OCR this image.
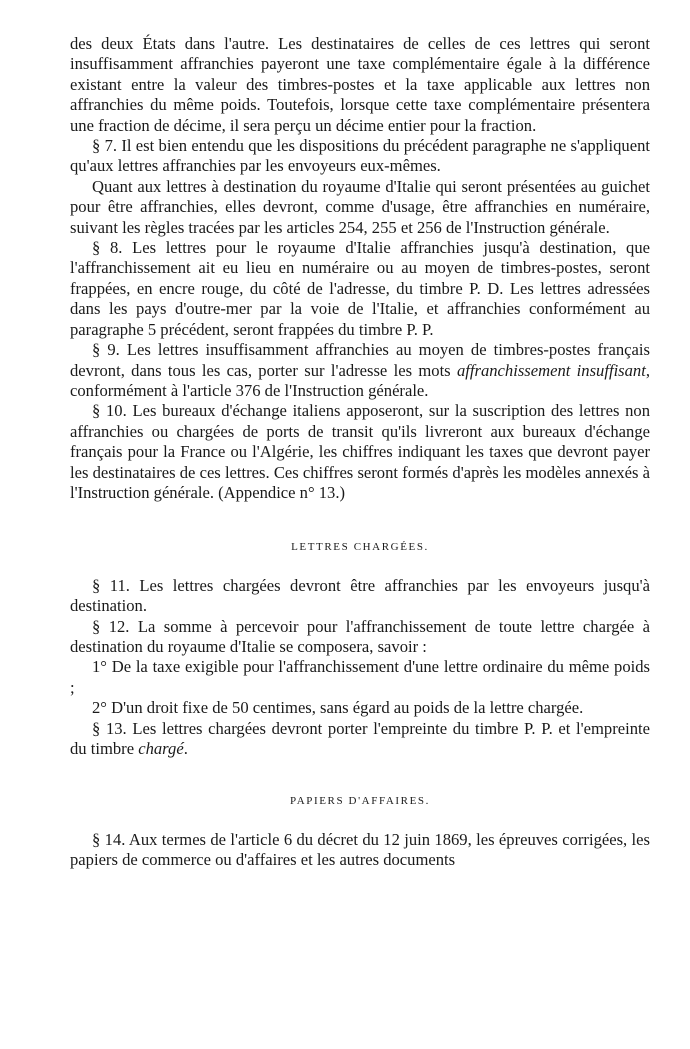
des deux États dans l'autre. Les destinataires de celles de ces lettres qui seront insuffisamment affranchies payeront une taxe complémentaire égale à la différence existant entre la valeur des timbres-postes et la taxe applicable aux lettres non affranchies du même poids. Toutefois, lorsque cette taxe complémentaire présentera une fraction de décime, il sera perçu un décime entier pour la fraction.

§ 7. Il est bien entendu que les dispositions du précédent paragraphe ne s'appliquent qu'aux lettres affranchies par les envoyeurs eux-mêmes.

Quant aux lettres à destination du royaume d'Italie qui seront présentées au guichet pour être affranchies, elles devront, comme d'usage, être affranchies en numéraire, suivant les règles tracées par les articles 254, 255 et 256 de l'Instruction générale.

§ 8. Les lettres pour le royaume d'Italie affranchies jusqu'à destination, que l'affranchissement ait eu lieu en numéraire ou au moyen de timbres-postes, seront frappées, en encre rouge, du côté de l'adresse, du timbre P. D. Les lettres adressées dans les pays d'outre-mer par la voie de l'Italie, et affranchies conformément au paragraphe 5 précédent, seront frappées du timbre P. P.

§ 9. Les lettres insuffisamment affranchies au moyen de timbres-postes français devront, dans tous les cas, porter sur l'adresse les mots affranchissement insuffisant, conformément à l'article 376 de l'Instruction générale.

§ 10. Les bureaux d'échange italiens apposeront, sur la suscription des lettres non affranchies ou chargées de ports de transit qu'ils livreront aux bureaux d'échange français pour la France ou l'Algérie, les chiffres indiquant les taxes que devront payer les destinataires de ces lettres. Ces chiffres seront formés d'après les modèles annexés à l'Instruction générale. (Appendice n° 13.)

LETTRES CHARGÉES.

§ 11. Les lettres chargées devront être affranchies par les envoyeurs jusqu'à destination.

§ 12. La somme à percevoir pour l'affranchissement de toute lettre chargée à destination du royaume d'Italie se composera, savoir :

1° De la taxe exigible pour l'affranchissement d'une lettre ordinaire du même poids ;

2° D'un droit fixe de 50 centimes, sans égard au poids de la lettre chargée.

§ 13. Les lettres chargées devront porter l'empreinte du timbre P. P. et l'empreinte du timbre chargé.

PAPIERS D'AFFAIRES.

§ 14. Aux termes de l'article 6 du décret du 12 juin 1869, les épreuves corrigées, les papiers de commerce ou d'affaires et les autres documents
